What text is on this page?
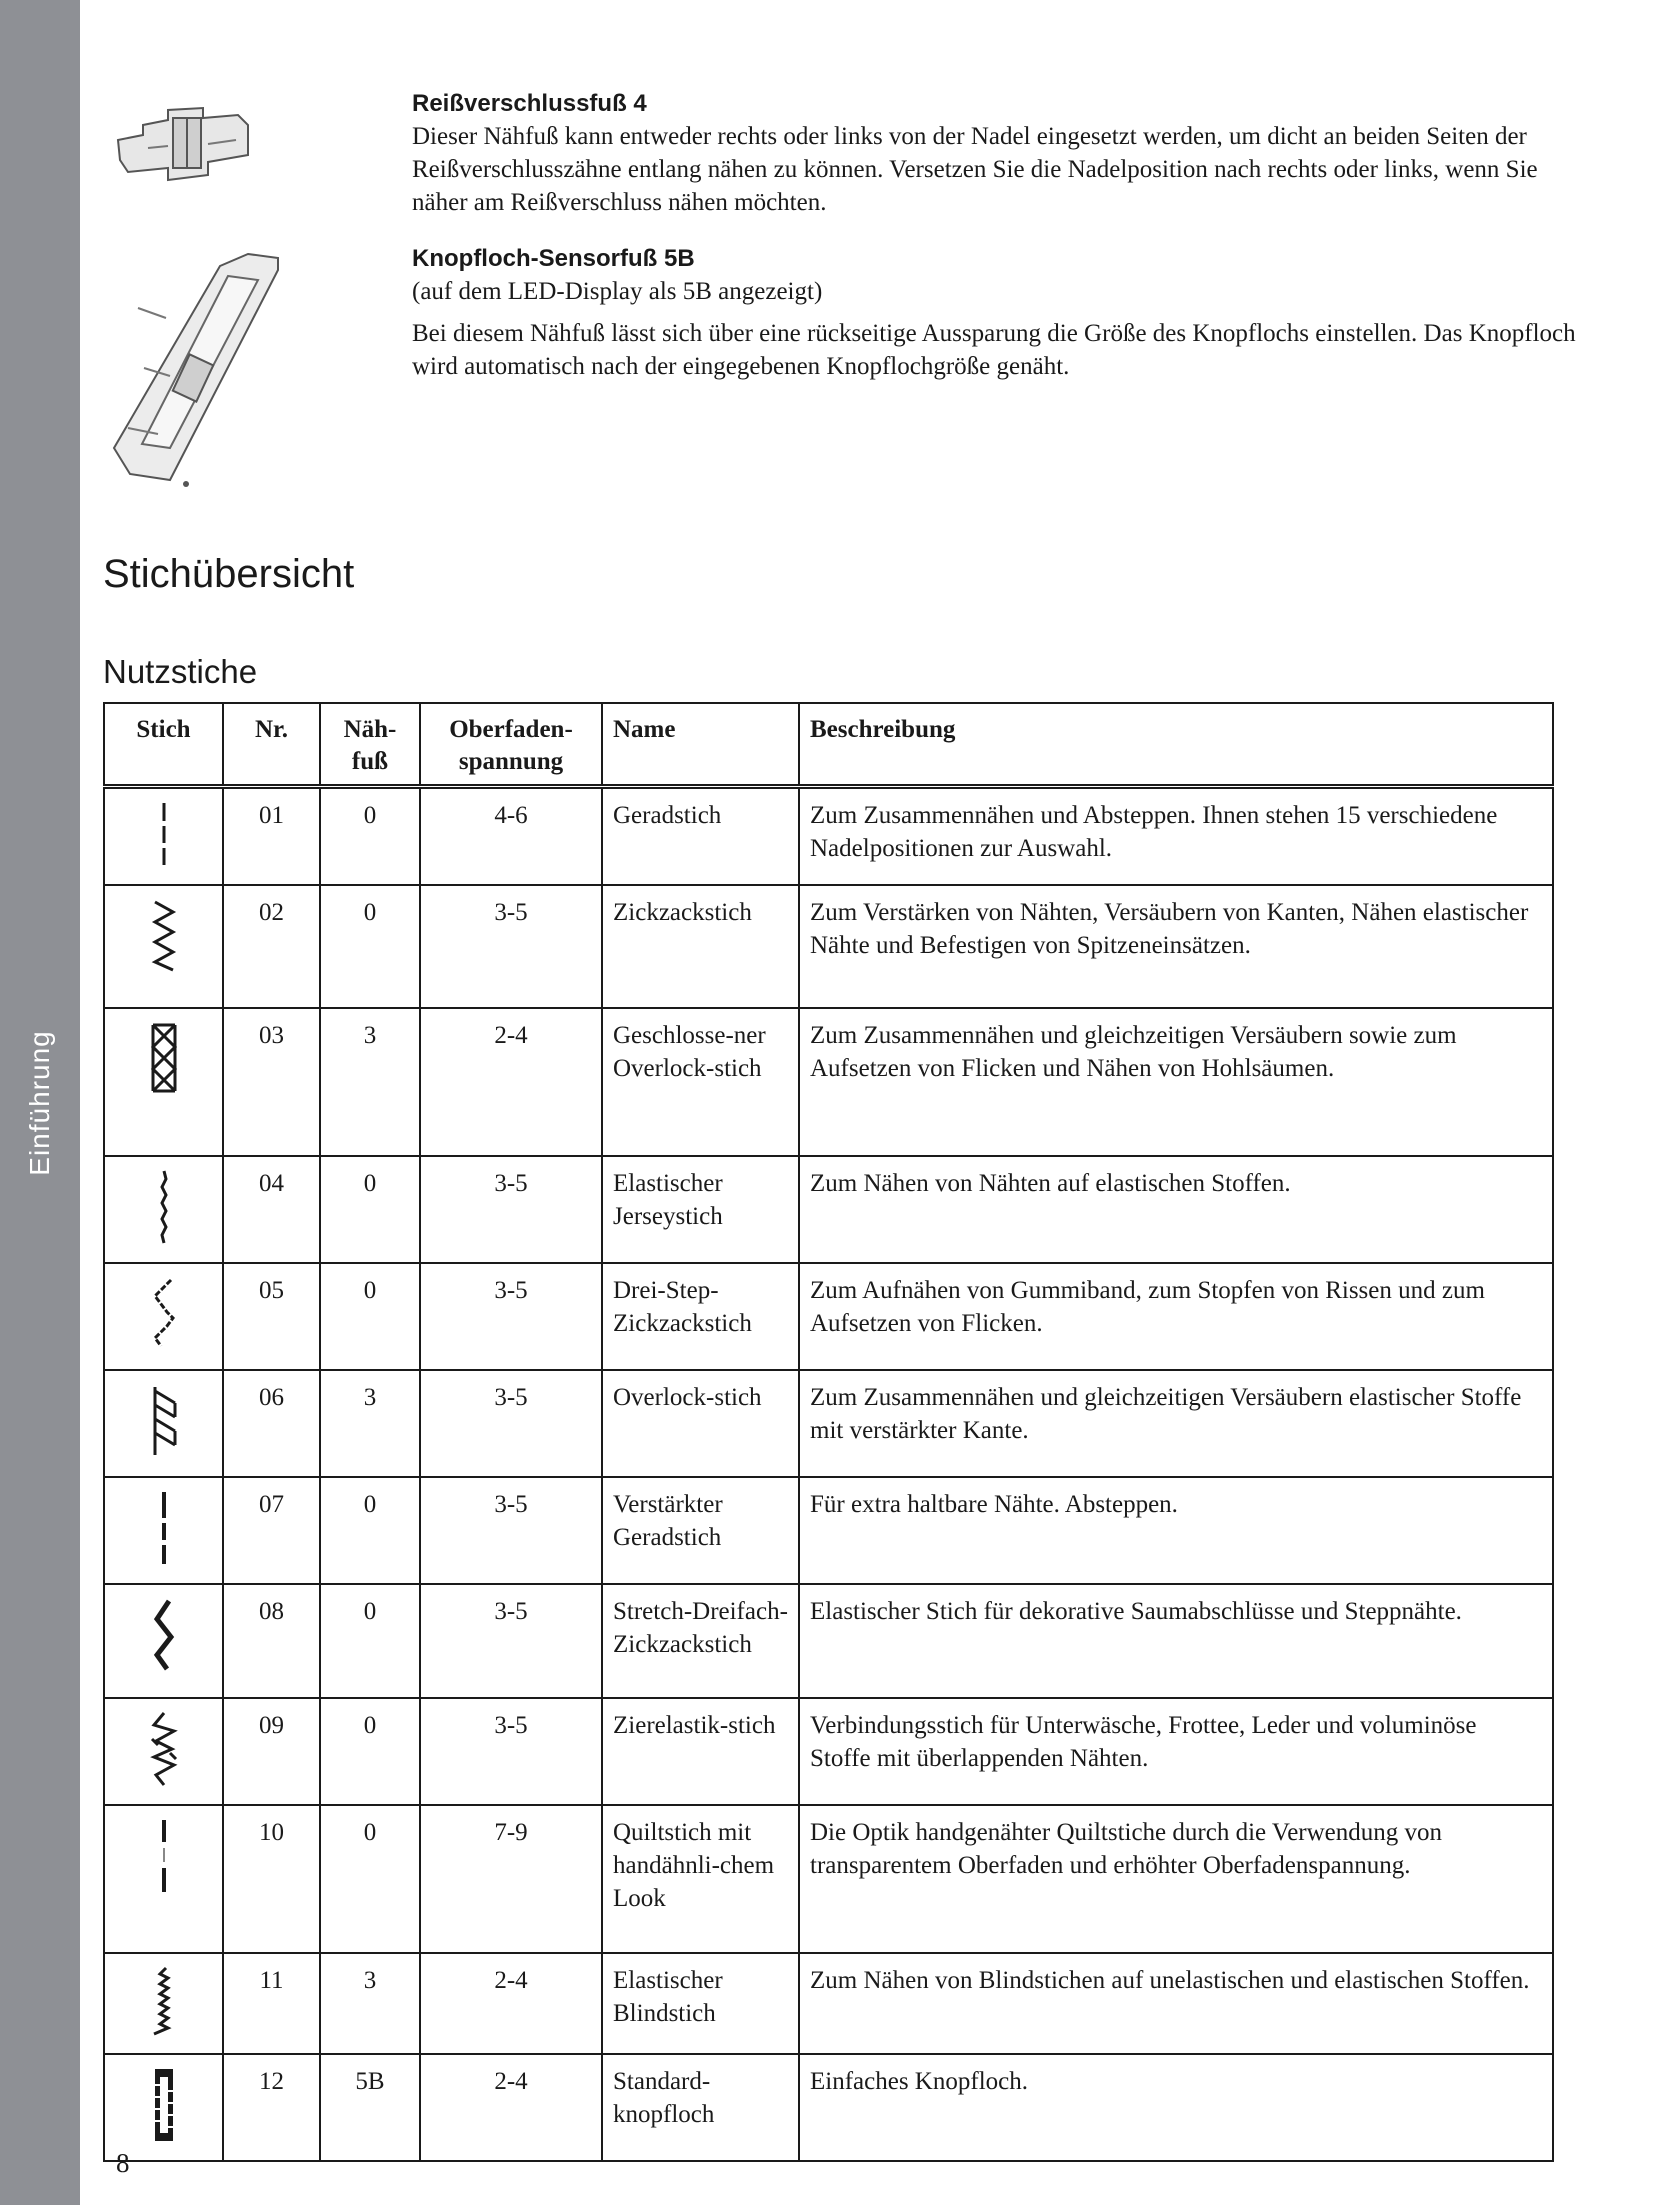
Einführung
Reißverschlussfuß 4
Dieser Nähfuß kann entweder rechts oder links von der Nadel eingesetzt werden, um dicht an beiden Seiten der Reißverschlusszähne entlang nähen zu können. Versetzen Sie die Nadelposition nach rechts oder links, wenn Sie näher am Reißverschluss nähen möchten.
Knopfloch-Sensorfuß 5B
(auf dem LED-Display als 5B angezeigt)
Bei diesem Nähfuß lässt sich über eine rückseitige Aussparung die Größe des Knopflochs einstellen. Das Knopfloch wird automatisch nach der eingegebenen Knopflochgröße genäht.
Stichübersicht
Nutzstiche
Stich	Nr.	Näh-fuß	Oberfaden-spannung	Name	Beschreibung
	01	0	4-6	Geradstich	Zum Zusammennähen und Absteppen. Ihnen stehen 15 verschiedene Nadelpositionen zur Auswahl.
	02	0	3-5	Zickzackstich	Zum Verstärken von Nähten, Versäubern von Kanten, Nähen elastischer Nähte und Befestigen von Spitzeneinsätzen.
	03	3	2-4	Geschlosse-ner Overlock-stich	Zum Zusammennähen und gleichzeitigen Versäubern sowie zum Aufsetzen von Flicken und Nähen von Hohlsäumen.
	04	0	3-5	Elastischer Jerseystich	Zum Nähen von Nähten auf elastischen Stoffen.
	05	0	3-5	Drei-Step-Zickzackstich	Zum Aufnähen von Gummiband, zum Stopfen von Rissen und zum Aufsetzen von Flicken.
	06	3	3-5	Overlock-stich	Zum Zusammennähen und gleichzeitigen Versäubern elastischer Stoffe mit verstärkter Kante.
	07	0	3-5	Verstärkter Geradstich	Für extra haltbare Nähte. Absteppen.
	08	0	3-5	Stretch-Dreifach-Zickzackstich	Elastischer Stich für dekorative Saumabschlüsse und Steppnähte.
	09	0	3-5	Zierelastik-stich	Verbindungsstich für Unterwäsche, Frottee, Leder und voluminöse Stoffe mit überlappenden Nähten.
	10	0	7-9	Quiltstich mit handähnli-chem Look	Die Optik handgenähter Quiltstiche durch die Verwendung von transparentem Oberfaden und erhöhter Oberfadenspannung.
	11	3	2-4	Elastischer Blindstich	Zum Nähen von Blindstichen auf unelastischen und elastischen Stoffen.
	12	5B	2-4	Standard-knopfloch	Einfaches Knopfloch.
8
